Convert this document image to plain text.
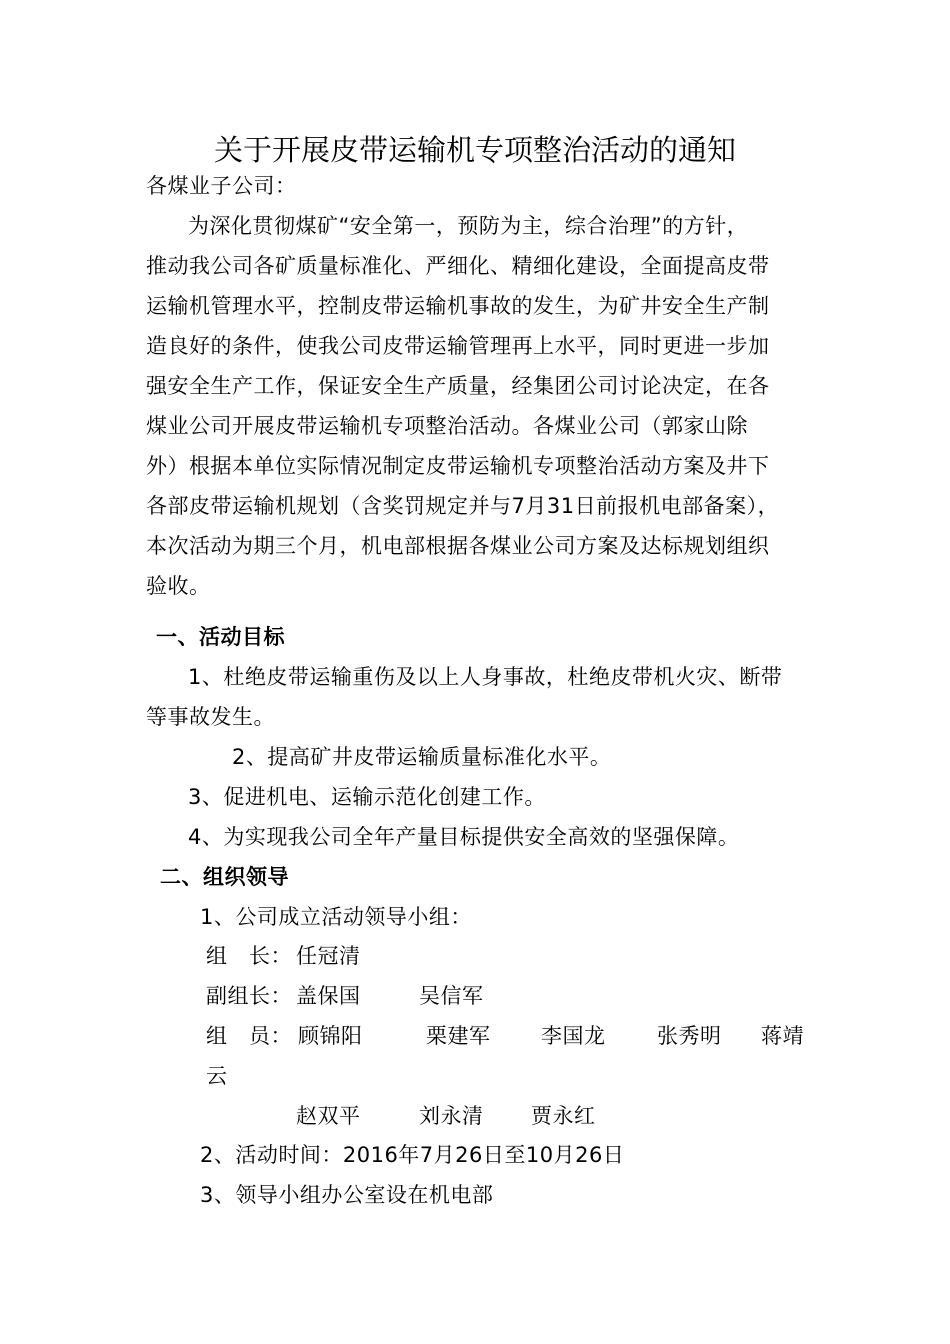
关于开展皮带运输机专项整治活动的通知
各煤业子公司：
为深化贯彻煤矿“安全第一，预防为主，综合治理”的方针，
推动我公司各矿质量标准化、严细化、精细化建设，全面提高皮带
运输机管理水平，控制皮带运输机事故的发生，为矿井安全生产制
造良好的条件，使我公司皮带运输管理再上水平，同时更进一步加
强安全生产工作，保证安全生产质量，经集团公司讨论决定，在各
煤业公司开展皮带运输机专项整治活动。各煤业公司（郭家山除
外）根据本单位实际情况制定皮带运输机专项整治活动方案及井下
各部皮带运输机规划（含奖罚规定并与7月31日前报机电部备案），
本次活动为期三个月，机电部根据各煤业公司方案及达标规划组织
验收。
一、活动目标
1、杜绝皮带运输重伤及以上人身事故，杜绝皮带机火灾、断带
等事故发生。
2、提高矿井皮带运输质量标准化水平。
3、促进机电、运输示范化创建工作。
4、为实现我公司全年产量目标提供安全高效的坚强保障。
二、组织领导
1、公司成立活动领导小组：
组　长： 任冠清
副组长： 盖保国	吴信军
组　员： 顾锦阳	栗建军 李国龙 张秀明 蒋靖
云
赵双平	刘永清 贾永红
2、活动时间：2016年7月26日至10月26日
3、领导小组办公室设在机电部
